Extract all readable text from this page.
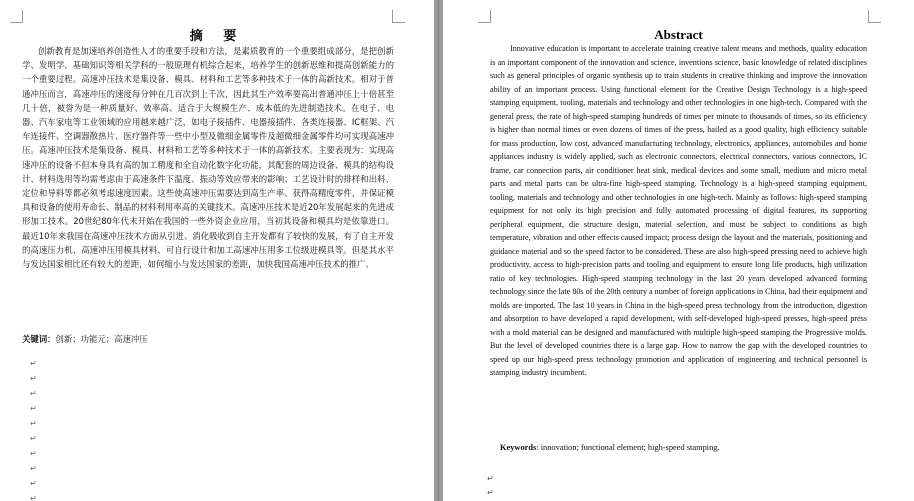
摘 要

创新教育是加速培养创造性人才的重要手段和方法，是素质教育的一个重要组成部分，是把创新学、发明学、基础知识等相关学科的一般原理有机综合起来，培养学生的创新思维和提高创新能力的一个重要过程。高速冲压技术是集设备、模具、材料和工艺等多种技术于一体的高新技术。相对于普通冲压而言，高速冲压的速度每分钟在几百次到上千次，因此其生产效率要高出普通冲压上十倍甚至几十倍，被誉为是一种质量好、效率高、适合于大规模生产、成本低的先进制造技术。在电子、电器、汽车家电等工业领域的应用越来越广泛，如电子接插件、电器接插件、各类连接器、IC框架、汽车连接件、空调器散热片、医疗器件等一些中小型及微细金属零件及超微细金属零件均可实现高速冲压。高速冲压技术是集设备、模具、材料和工艺等多种技术于一体的高新技术。主要表现为：实现高速冲压的设备不但本身具有高的加工精度和全自动化数字化功能，其配套的周边设备、模具的结构设计、材料选用等均需考虑由于高速条件下温度、振动等效应带来的影响；工艺设计时的排样和出料、定位和导料等都必须考虑速度因素。这些使高速冲压需要达到高生产率、获得高精度零件，并保证模具和设备的使用寿命长、制品的材料利用率高的关键技术。高速冲压技术是近20年发展起来的先进成形加工技术。20世纪80年代末开始在我国的一些外资企业应用，当初其设备和模具均是依靠进口。最近10年来我国在高速冲压技术方面从引进、消化吸收到自主开发都有了较快的发展，有了自主开发的高速压力机、高速冲压用模具材料、可自行设计和加工高速冲压用多工位级进模具等。但是其水平与发达国家相比还有较大的差距，如何缩小与发达国家的差距，加快我国高速冲压技术的推广、

关键词：创新；功能元；高速冲压
↵
↵
↵
↵
↵
↵
↵
↵
↵
↵
Abstract

Innovative education is important to accelerate training creative talent means and methods, quality education is an important component of the innovation and science, inventions science, basic knowledge of related disciplines such as general principles of organic synthesis up to train students in creative thinking and improve the innovation ability of an important process. Using functional element for the Creative Design Technology is a high-speed stamping equipment, tooling, materials and technology and other technologies in one high-tech. Compared with the general press, the rate of high-speed stamping hundreds of times per minute to thousands of times, so its efficiency is higher than normal times or even dozens of times of the press, hailed as a good quality, high efficiency suitable for mass production, low cost, advanced manufacturing technology, electronics, appliances, automobiles and home appliances industry is widely applied, such as electronic connectors, electrical connectors, various connectors, IC frame, car connection parts, air conditioner heat sink, medical devices and some small, medium and micro metal parts and metal parts can be ultra-fine high-speed stamping. Technology is a high-speed stamping equipment, tooling, materials and technology and other technologies in one high-tech. Mainly as follows: high-speed stamping equipment for not only its high precision and fully automated processing of digital features, its supporting peripheral equipment, die structure design, material selection, and must be subject to conditions as high temperature, vibration and other effects caused impact; process design the layout and the materials, positioning and guidance material and so the speed factor to be considered. These are also high-speed pressing need to achieve high productivity, access to high-precision parts and tooling and equipment to ensure long life products, high utilization ratio of key technologies. High-speed stamping technology in the last 20 years developed advanced forming technology since the late 80s of the 20th century a number of foreign applications in China, had their equipment and molds are imported. The last 10 years in China in the high-speed press technology from the introduction, digestion and absorption to have developed a rapid development, with self-developed high-speed presses, high-speed press with a mold material can be designed and manufactured with multiple high-speed stamping the Progressive molds. But the level of developed countries there is a large gap. How to narrow the gap with the developed countries to speed up our high-speed press technology promotion and application of engineering and technical personnel is stamping industry incumbent.

Keywords: innovation; functional element; high-speed stamping.
↵
↵
